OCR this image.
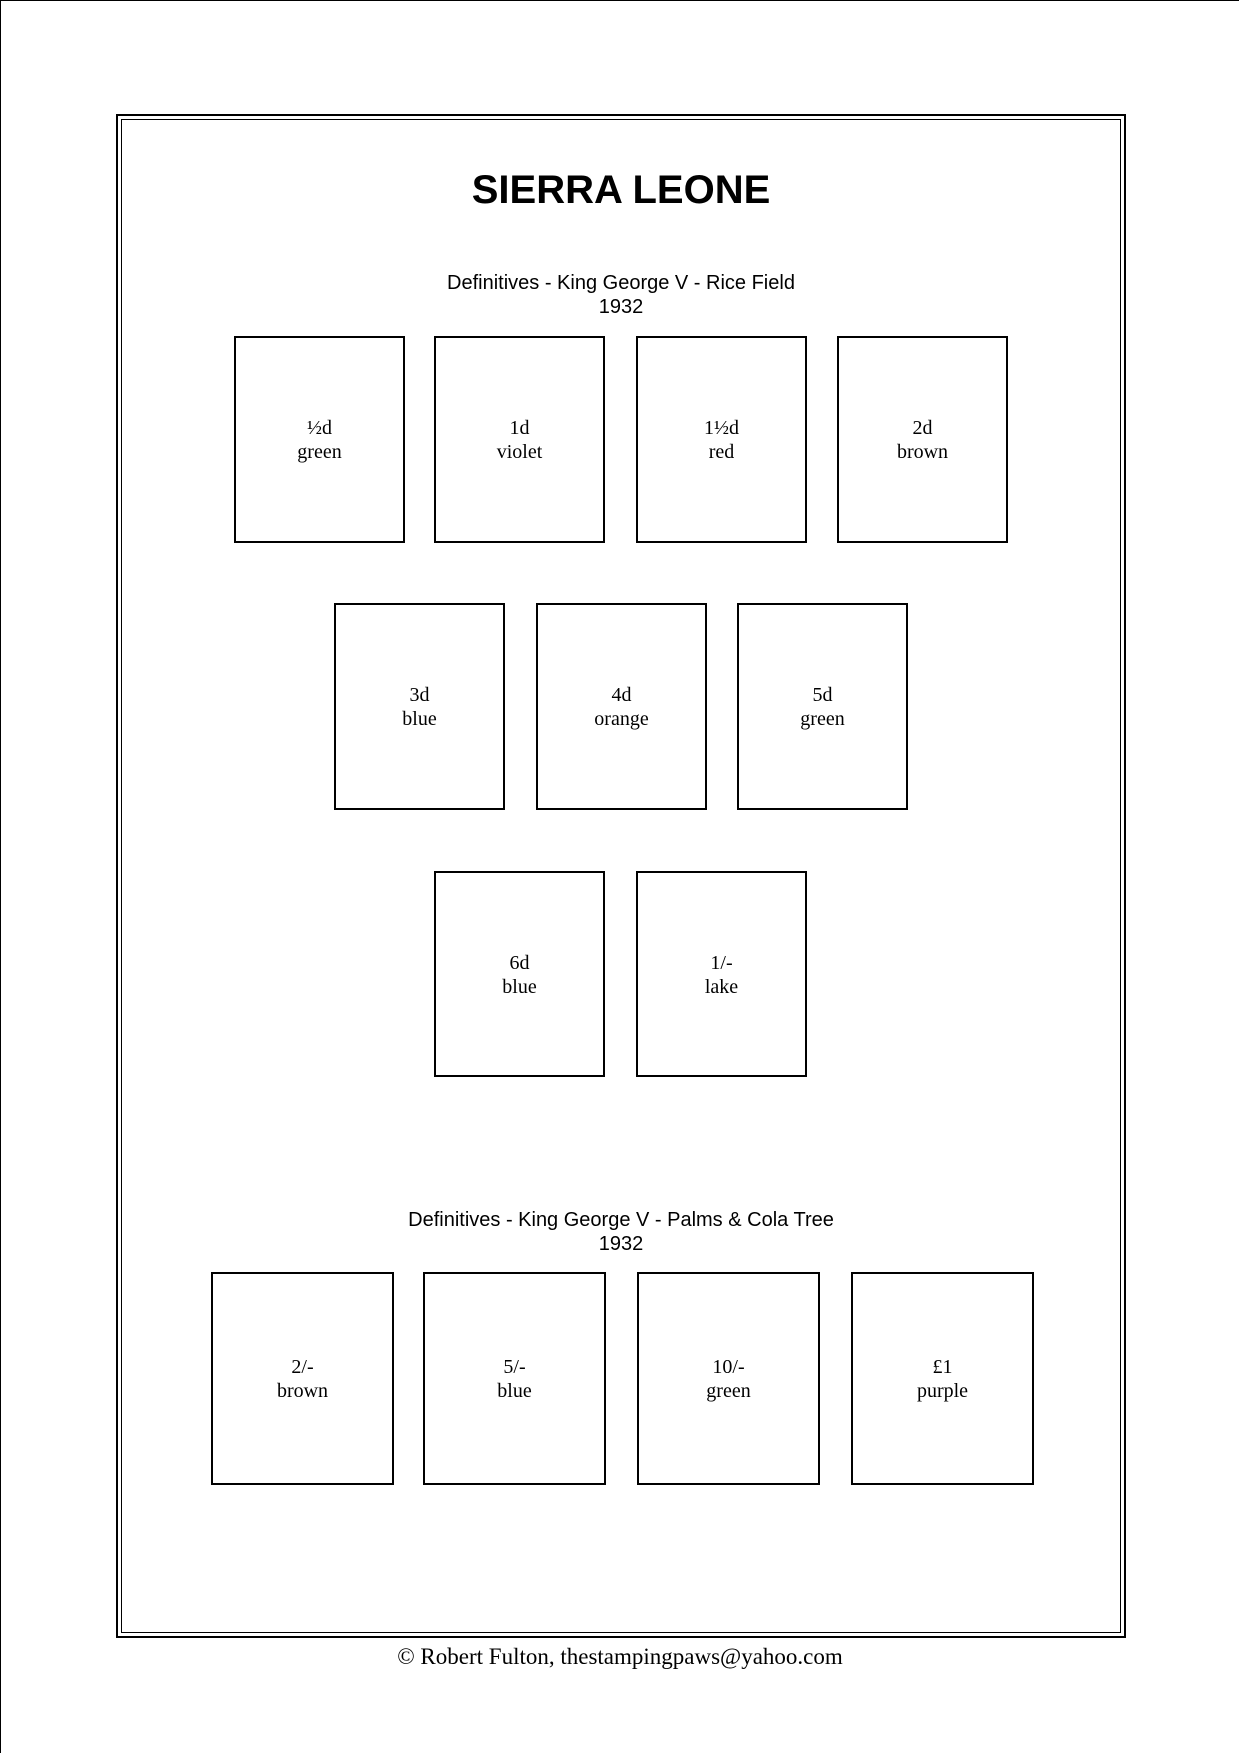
SIERRA LEONE
Definitives - King George V - Rice Field
1932
½d
green
1d
violet
1½d
red
2d
brown
3d
blue
4d
orange
5d
green
6d
blue
1/-
lake
Definitives - King George V - Palms & Cola Tree
1932
2/-
brown
5/-
blue
10/-
green
£1
purple
© Robert Fulton, thestampingpaws@yahoo.com
